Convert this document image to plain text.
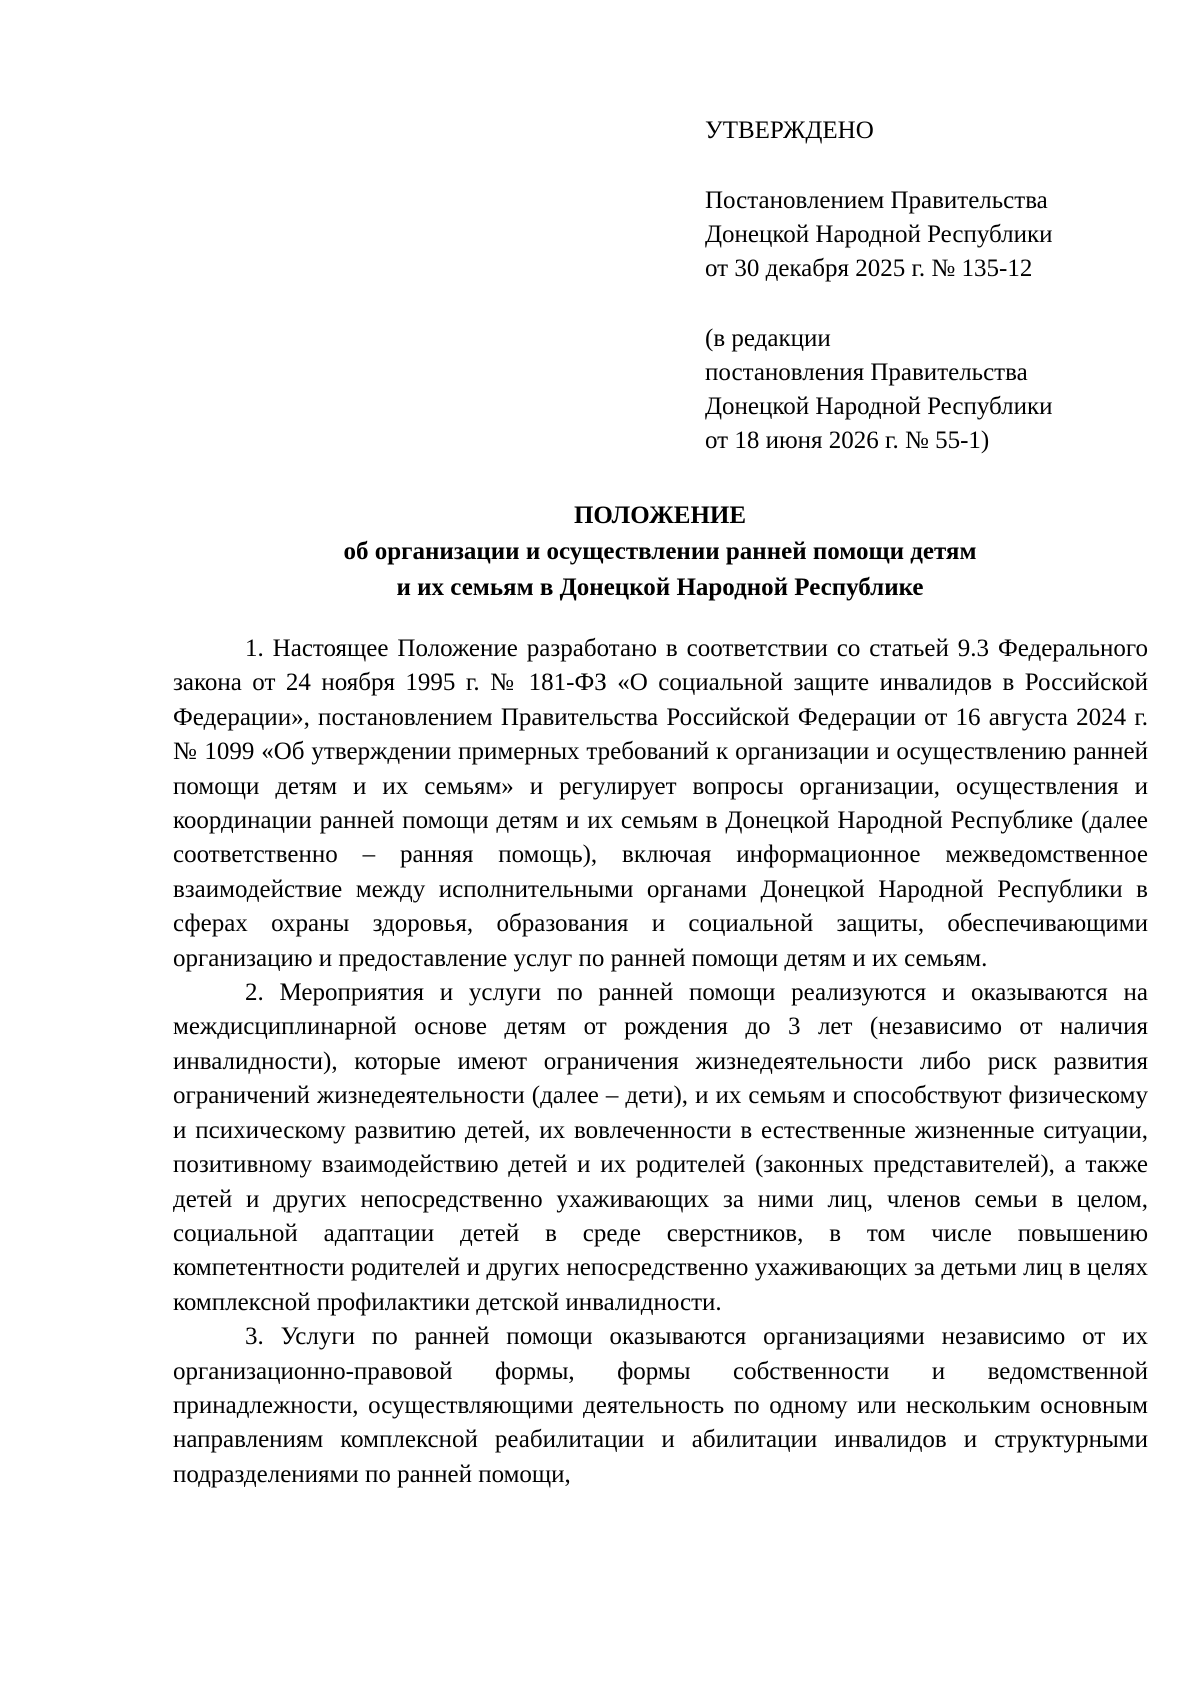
УТВЕРЖДЕНО
Постановлением Правительства
Донецкой Народной Республики
от 30 декабря 2025 г. № 135-12
(в редакции
постановления Правительства
Донецкой Народной Республики
от 18 июня 2026 г. № 55-1)
ПОЛОЖЕНИЕ
об организации и осуществлении ранней помощи детям
и их семьям в Донецкой Народной Республике

1. Настоящее Положение разработано в соответствии со статьей 9.3 Федерального закона от 24 ноября 1995 г. № 181-ФЗ «О социальной защите инвалидов в Российской Федерации», постановлением Правительства Российской Федерации от 16 августа 2024 г. № 1099 «Об утверждении примерных требований к организации и осуществлению ранней помощи детям и их семьям» и регулирует вопросы организации, осуществления и координации ранней помощи детям и их семьям в Донецкой Народной Республике (далее соответственно – ранняя помощь), включая информационное межведомственное взаимодействие между исполнительными органами Донецкой Народной Республики в сферах охраны здоровья, образования и социальной защиты, обеспечивающими организацию и предоставление услуг по ранней помощи детям и их семьям.

2. Мероприятия и услуги по ранней помощи реализуются и оказываются на междисциплинарной основе детям от рождения до 3 лет (независимо от наличия инвалидности), которые имеют ограничения жизнедеятельности либо риск развития ограничений жизнедеятельности (далее – дети), и их семьям и способствуют физическому и психическому развитию детей, их вовлеченности в естественные жизненные ситуации, позитивному взаимодействию детей и их родителей (законных представителей), а также детей и других непосредственно ухаживающих за ними лиц, членов семьи в целом, социальной адаптации детей в среде сверстников, в том числе повышению компетентности родителей и других непосредственно ухаживающих за детьми лиц в целях комплексной профилактики детской инвалидности.

3. Услуги по ранней помощи оказываются организациями независимо от их организационно-правовой формы, формы собственности и ведомственной принадлежности, осуществляющими деятельность по одному или нескольким основным направлениям комплексной реабилитации и абилитации инвалидов и структурными подразделениями по ранней помощи,
